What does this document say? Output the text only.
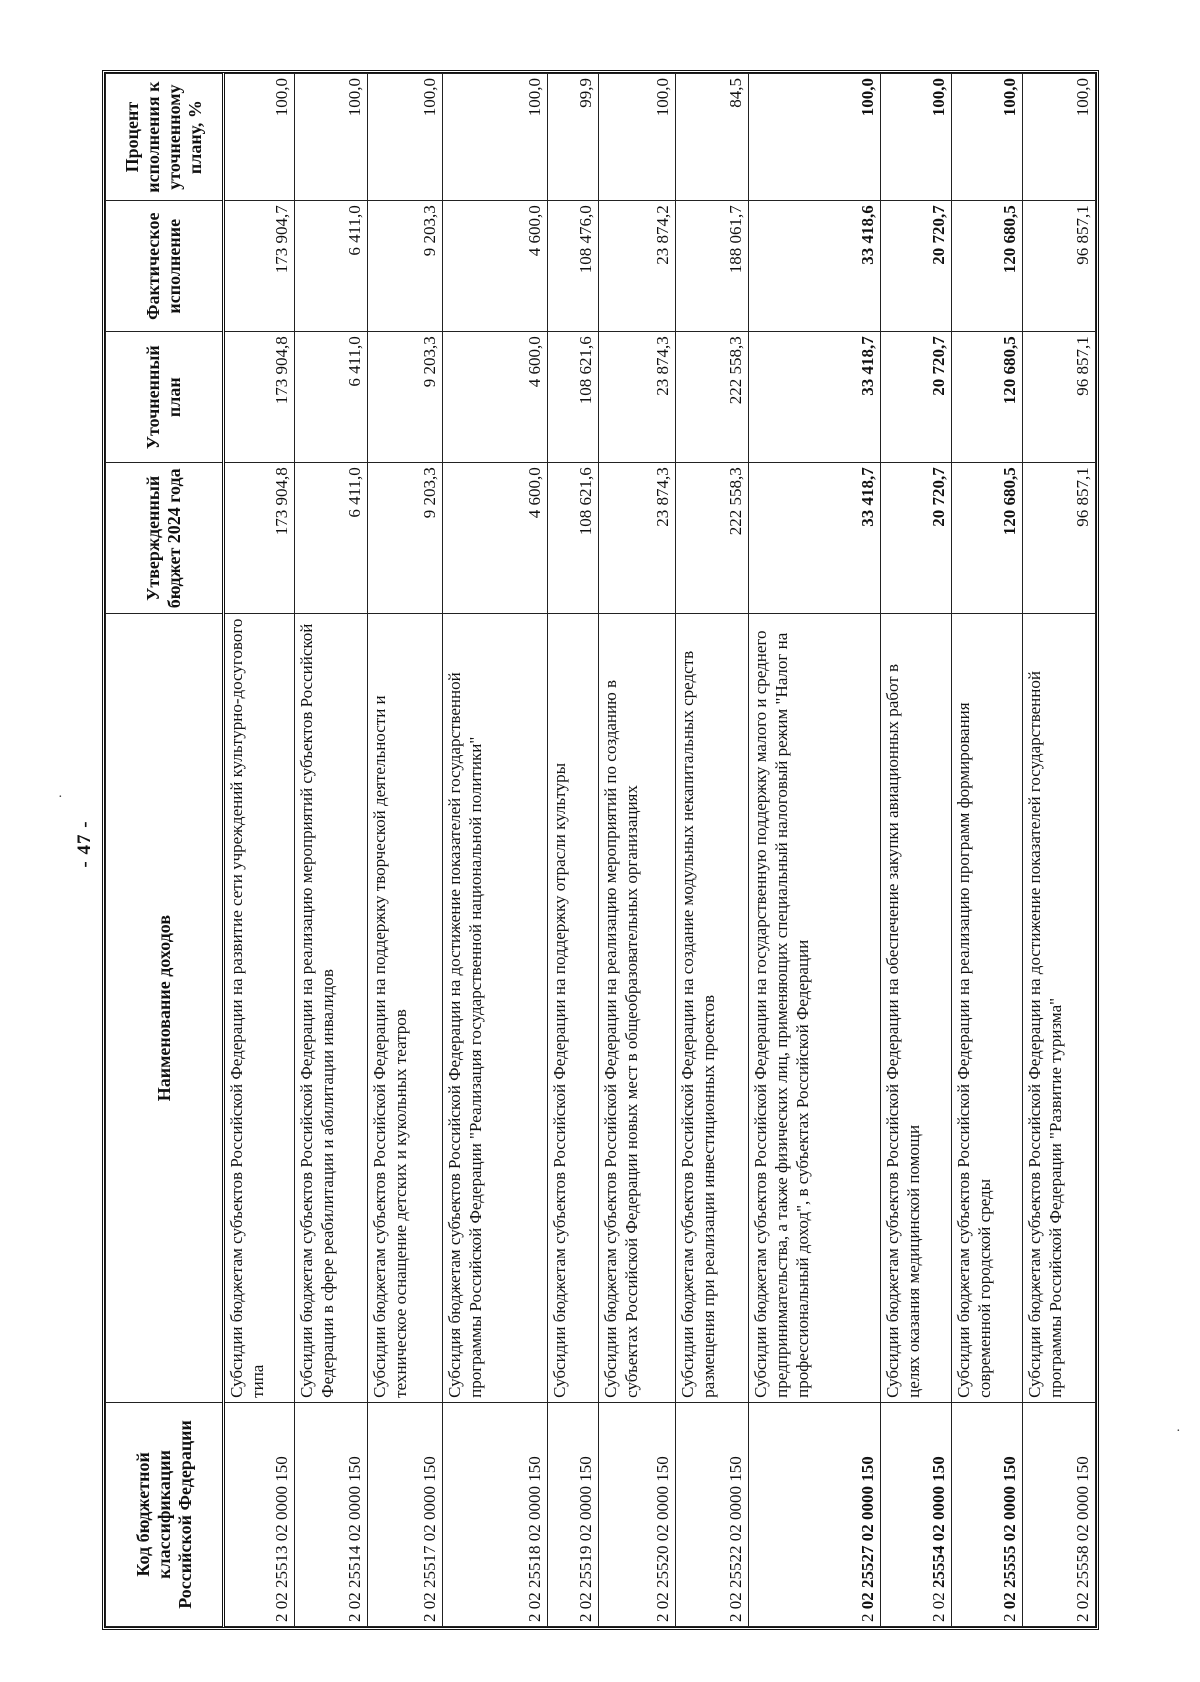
·
·
- 47 -
Код бюджетной классификации Российской Федерации	Наименование доходов	Утвержденный бюджет 2024 года	Уточненный план	Фактическое исполнение	Процент исполнения к уточненному плану, %
2 02 25513 02 0000 150	Субсидии бюджетам субъектов Российской Федерации на развитие сети учреждений культурно-досугового типа	173 904,8	173 904,8	173 904,7	100,0
2 02 25514 02 0000 150	Субсидии бюджетам субъектов Российской Федерации на реализацию мероприятий субъектов Российской Федерации в сфере реабилитации и абилитации инвалидов	6 411,0	6 411,0	6 411,0	100,0
2 02 25517 02 0000 150	Субсидии бюджетам субъектов Российской Федерации на поддержку творческой деятельности и техническое оснащение детских и кукольных театров	9 203,3	9 203,3	9 203,3	100,0
2 02 25518 02 0000 150	Субсидия бюджетам субъектов Российской Федерации на достижение показателей государственной программы Российской Федерации "Реализация государственной национальной политики"	4 600,0	4 600,0	4 600,0	100,0
2 02 25519 02 0000 150	Субсидии бюджетам субъектов Российской Федерации на поддержку отрасли культуры	108 621,6	108 621,6	108 476,0	99,9
2 02 25520 02 0000 150	Субсидии бюджетам субъектов Российской Федерации на реализацию мероприятий по созданию в субъектах Российской Федерации новых мест в общеобразовательных организациях	23 874,3	23 874,3	23 874,2	100,0
2 02 25522 02 0000 150	Субсидии бюджетам субъектов Российской Федерации на создание модульных некапитальных средств размещения при реализации инвестиционных проектов	222 558,3	222 558,3	188 061,7	84,5
2 02 25527 02 0000 150	Субсидии бюджетам субъектов Российской Федерации на государственную поддержку малого и среднего предпринимательства, а также физических лиц, применяющих специальный налоговый режим "Налог на профессиональный доход", в субъектах Российской Федерации	33 418,7	33 418,7	33 418,6	100,0
2 02 25554 02 0000 150	Субсидии бюджетам субъектов Российской Федерации на обеспечение закупки авиационных работ в целях оказания медицинской помощи	20 720,7	20 720,7	20 720,7	100,0
2 02 25555 02 0000 150	Субсидии бюджетам субъектов Российской Федерации на реализацию программ формирования современной городской среды	120 680,5	120 680,5	120 680,5	100,0
2 02 25558 02 0000 150	Субсидии бюджетам субъектов Российской Федерации на достижение показателей государственной программы Российской Федерации "Развитие туризма"	96 857,1	96 857,1	96 857,1	100,0
